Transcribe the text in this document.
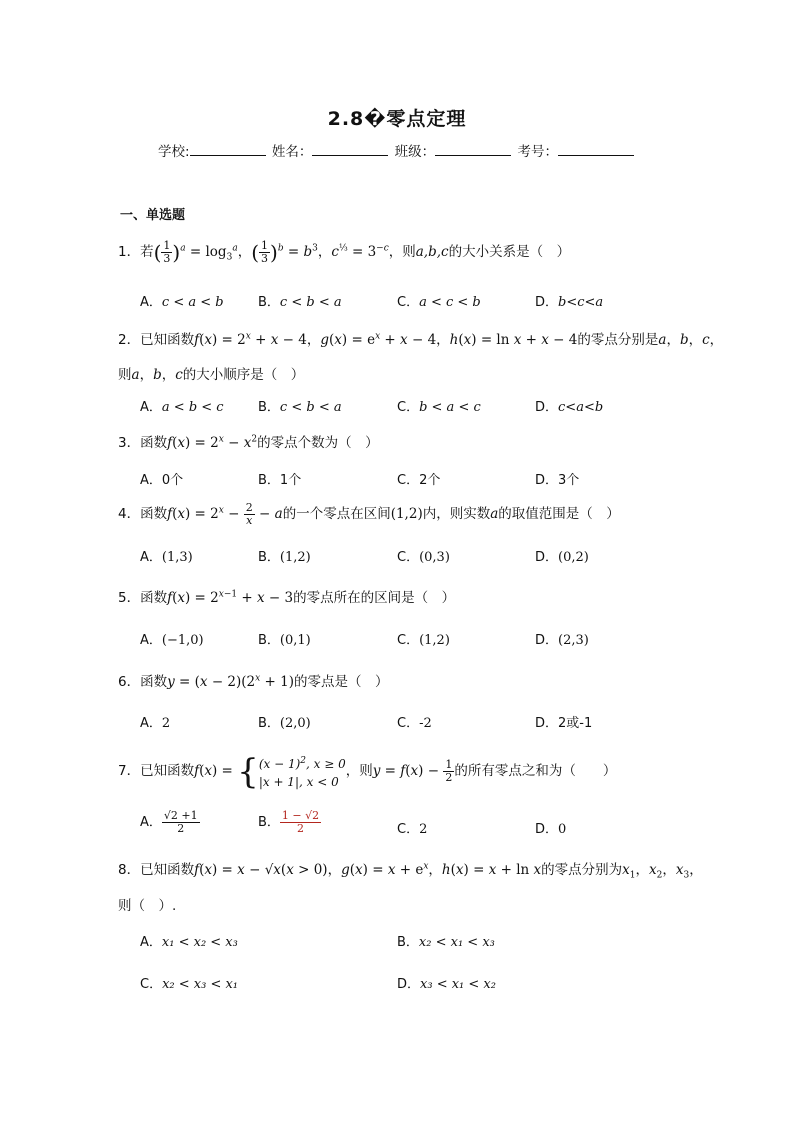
2.8�零点定理
学校:	姓名：	班级：	考号：
一、单选题
1．若( $\frac{1}{3} )^a = \log_3^a$，( $\frac{1}{3} )^b = b^3$，$c^{\frac{1}{3}} = 3^{-c}$，则a,b,c的大小关系是（　）
A．c < a < b	B．c < b < a	C．a < c < b	D．b<c<a
2．已知函数$f(x) = 2^x + x - 4$，$g(x) = e^x + x - 4$，h(x) = ln x + x − 4的零点分别是a，b，c，
则a，b，c的大小顺序是（　）
A．a < b < c	B．c < b < a	C．b < a < c	D．c<a<b
3．函数$f(x) = 2^x - x^2$的零点个数为（　）
A．0个	B．1个	C．2个	D．3个
4．函数$f(x) = 2^x - \frac{2}{x} - a$的一个零点在区间(1,2)内，则实数a的取值范围是（　）
A．(1,3)	B．(1,2)	C．(0,3)	D．(0,2)
5．函数$f(x) = 2^{x-1} + x - 3$的零点所在的区间是（　）
A．(−1,0)	B．(0,1)	C．(1,2)	D．(2,3)
6．函数$y = (x - 2)(2^x + 1)$的零点是（　）
A．2	B．(2,0)	C．-2	D．2或-1
7．已知函数$f(x) = \{(x - 1)^2$, x ≥ 0
|x + 1|, x < 0，则$y = f(x) - \frac{1}{2}$ 的所有零点之和为（　　）
A． $\frac{√2 +1}{2}$	B． $\frac{1 - √2}{2}$	C．2	D．0
8．已知函数f(x) = x − √x(x > 0)，$g(x) = x + e^x$，h(x) = x + ln x的零点分别为$x_1$，$x_2$，$x_3$，
则（　）.
A．x₁ < x₂ < x₃	B．x₂ < x₁ < x₃
C．x₂ < x₃ < x₁	D．x₃ < x₁ < x₂
